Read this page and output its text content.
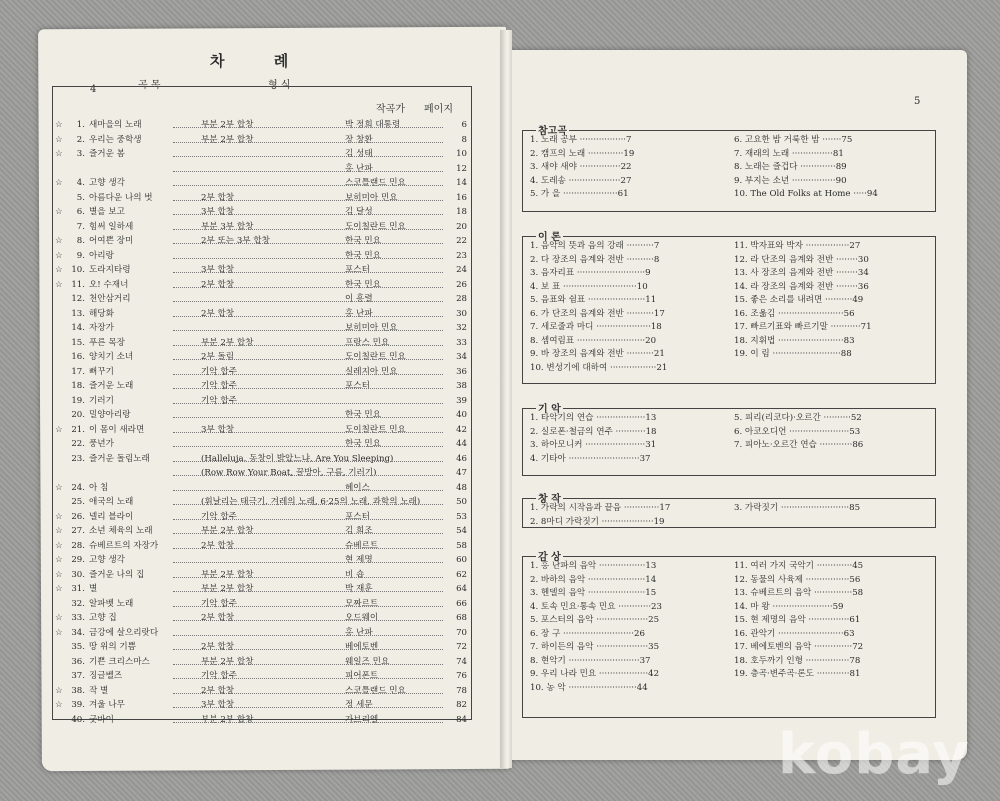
4
차 례
곡 목	형 식
작곡가 페이지
☆	1. 새마을의 노래	부분 2부 합창	박 정희 대통령	6
☆	2. 우리는 중학생	부분 2부 합창	장 창환	8
☆	3. 즐거운 봄	김 성태	10
홍 난파	12
☆	4. 고향 생각	스코틀랜드 민요	14
5. 아름다운 나의 벗	2부 합창	보히미아 민요	16
☆	6. 별을 보고	3부 합창	김 달성	18
7. 힘써 일하세	부분 3부 합창	도이칠란트 민요	20
☆	8. 어여쁜 장미	2부 또는 3부 합창	한국 민요	22
☆	9. 아리랑	한국 민요	23
☆	10. 도라지타령	3부 합창	포스터	24
☆	11. 오! 수재너	2부 합창	한국 민요	26
12. 천안삼거리	이 흥렬	28
13. 해당화	2부 합창	홍 난파	30
14. 자장가	보히미아 민요	32
15. 푸른 목장	부분 2부 합창	프랑스 민요	33
16. 양치기 소녀	2부 돌림	도이칠란트 민요	34
17. 뻐꾸기	기악 합주	실레지아 민요	36
18. 즐거운 노래	기악 합주	포스터	38
19. 기러기	기악 합주	39
20. 밀양아리랑	한국 민요	40
☆	21. 이 몸이 새라면	3부 합창	도이칠란트 민요	42
22. 풍년가	한국 민요	44
23. 즐거운 돌림노래	(Halleluja, 동창이 밝았느냐, Are You Sleeping)	46
(Row Row Your Boat, 꿀방아, 구름, 기러기)	47
☆	24. 아 침	헤이스	48
25. 애국의 노래	(휘날리는 태극기, 겨레의 노래, 6·25의 노래, 과학의 노래)	50
☆	26. 넬리 블라이	기악 합주	포스터	53
☆	27. 소년 체육의 노래	부분 2부 합창	김 희조	54
☆	28. 슈베르트의 자장가	2부 합창	슈베르트	58
☆	29. 고향 생각	현 제명	60
☆	30. 즐거운 나의 집	부분 2부 합창	비 숍	62
☆	31. 별	부분 2부 합창	박 재훈	64
32. 알파벳 노래	기악 합주	모짜르트	66
☆	33. 고향 집	2부 합창	오드웨이	68
☆	34. 금강에 살으리랏다	홍 난파	70
35. 땅 위의 기쁨	2부 합창	베에토벤	72
36. 기쁜 크리스마스	부분 2부 합창	웨일즈 민요	74
37. 징글벨즈	기악 합주	피어폰트	76
☆	38. 작 별	2부 합창	스코틀랜드 민요	78
☆	39. 겨울 나무	3부 합창	정 세문	82
40. 굿바이	부분 2부 합창	가브리엘	84
5
참고곡
1. 노래 공부 ·················7
2. 캠프의 노래 ·············19
3. 새야 새야 ···············22
4. 도레송 ···················27
5. 가 을 ····················61
6. 고요한 밤 거룩한 밤 ·······75
7. 재래의 노래 ···············81
8. 노래는 즐겁다 ·············89
9. 부지는 소년 ················90
10. The Old Folks at Home ·····94
이 론
1. 음악의 뜻과 음의 강래 ··········7
2. 다 장조의 음계와 전반 ··········8
3. 음자리표 ·························9
4. 보 표 ···························10
5. 음표와 쉼표 ·····················11
6. 가 단조의 음계와 전반 ··········17
7. 세로줄과 마디 ····················18
8. 셈여림표 ·························20
9. 바 장조의 음계와 전반 ··········21
10. 변성기에 대하여 ·················21
11. 박자표와 박자 ················27
12. 라 단조의 음계와 전반 ········30
13. 사 장조의 음계와 전반 ········34
14. 라 장조의 음계와 전반 ········36
15. 좋은 소리를 내려면 ··········49
16. 조옮김 ························56
17. 빠르기표와 빠르기말 ···········71
18. 지휘법 ························83
19. 이 림 ·························88
기 악
1. 타악기의 연습 ··················13
2. 실로폰·철금의 연주 ···········18
3. 하아모니커 ······················31
4. 기타아 ··························37
5. 피리(리코다)·오르간 ··········52
6. 아코오디언 ······················53
7. 피아노·오르간 연습 ············86
창 작
1. 가락의 시작음과 끝음 ·············17
2. 8마디 가락짓기 ···················19
3. 가락짓기 ·························85
감 상
1. 홍 난파의 음악 ·················13
2. 바하의 음악 ·····················14
3. 헨델의 음악 ·····················15
4. 토속 민요·통속 민요 ············23
5. 포스터의 음악 ···················25
6. 장 구 ··························26
7. 하이든의 음악 ···················35
8. 현악기 ··························37
9. 우리 나라 민요 ··················42
10. 농 악 ·························44
11. 여러 가지 국악기 ·············45
12. 동물의 사육제 ················56
13. 슈베르트의 음악 ··············58
14. 마 왕 ······················59
15. 현 제명의 음악 ···············61
16. 관악기 ························63
17. 베에토벤의 음악 ··············72
18. 호두까기 인형 ················78
19. 층곡·변주곡·론도 ············81
kobay
